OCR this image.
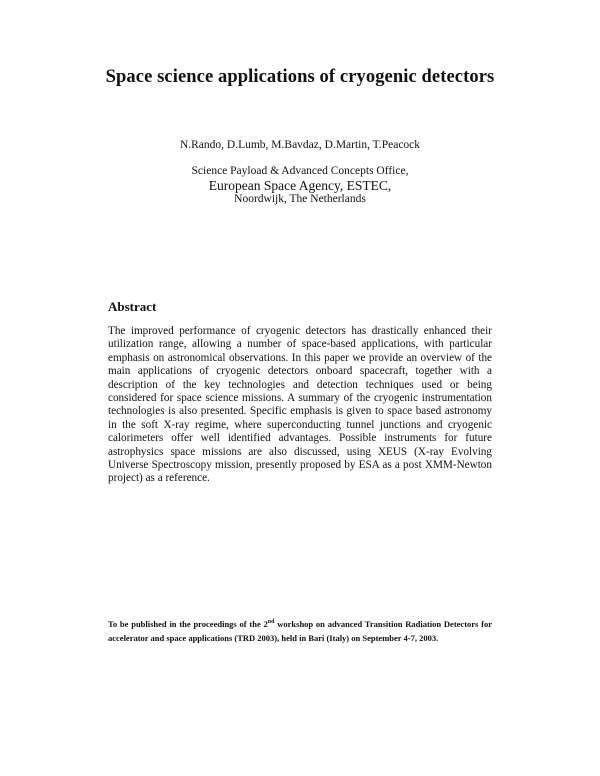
Space science applications of cryogenic detectors
N.Rando, D.Lumb, M.Bavdaz, D.Martin, T.Peacock
Science Payload & Advanced Concepts Office,
European Space Agency, ESTEC,
Noordwijk, The Netherlands
Abstract
The improved performance of cryogenic detectors has drastically enhanced their utilization range, allowing a number of space-based applications, with particular emphasis on astronomical observations. In this paper we provide an overview of the main applications of cryogenic detectors onboard spacecraft, together with a description of the key technologies and detection techniques used or being considered for space science missions. A summary of the cryogenic instrumentation technologies is also presented. Specific emphasis is given to space based astronomy in the soft X-ray regime, where superconducting tunnel junctions and cryogenic calorimeters offer well identified advantages. Possible instruments for future astrophysics space missions are also discussed, using XEUS (X-ray Evolving Universe Spectroscopy mission, presently proposed by ESA as a post XMM-Newton project) as a reference.
To be published in the proceedings of the 2nd workshop on advanced Transition Radiation Detectors for accelerator and space applications (TRD 2003), held in Bari (Italy) on September 4-7, 2003.
